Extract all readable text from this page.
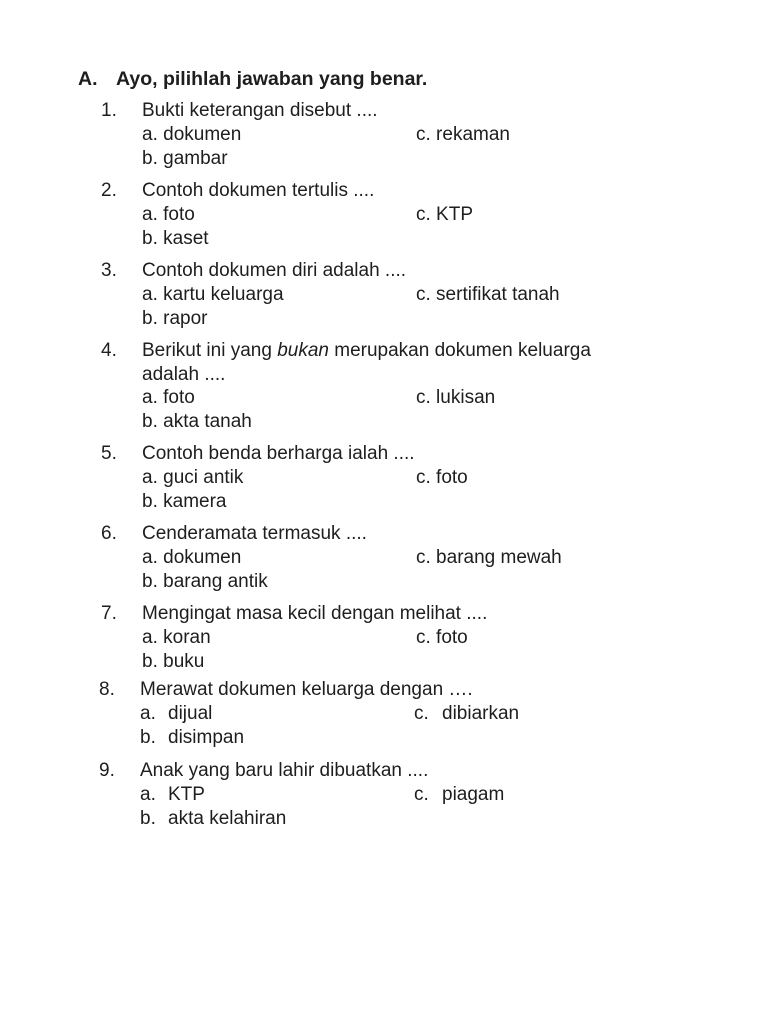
A. Ayo, pilihlah jawaban yang benar.
1. Bukti keterangan disebut ....
a. dokumen	c. rekaman
b. gambar
2. Contoh dokumen tertulis ....
a. foto	c. KTP
b. kaset
3. Contoh dokumen diri adalah ....
a. kartu keluarga	c. sertifikat tanah
b. rapor
4. Berikut ini yang bukan merupakan dokumen keluarga
adalah ....
a. foto	c. lukisan
b. akta tanah
5. Contoh benda berharga ialah ....
a. guci antik	c. foto
b. kamera
6. Cenderamata termasuk ....
a. dokumen	c. barang mewah
b. barang antik
7. Mengingat masa kecil dengan melihat ....
a. koran	c. foto
b. buku
8. Merawat dokumen keluarga dengan ….
a. dijual	c. dibiarkan
b. disimpan
9. Anak yang baru lahir dibuatkan ....
a. KTP	c. piagam
b. akta kelahiran
